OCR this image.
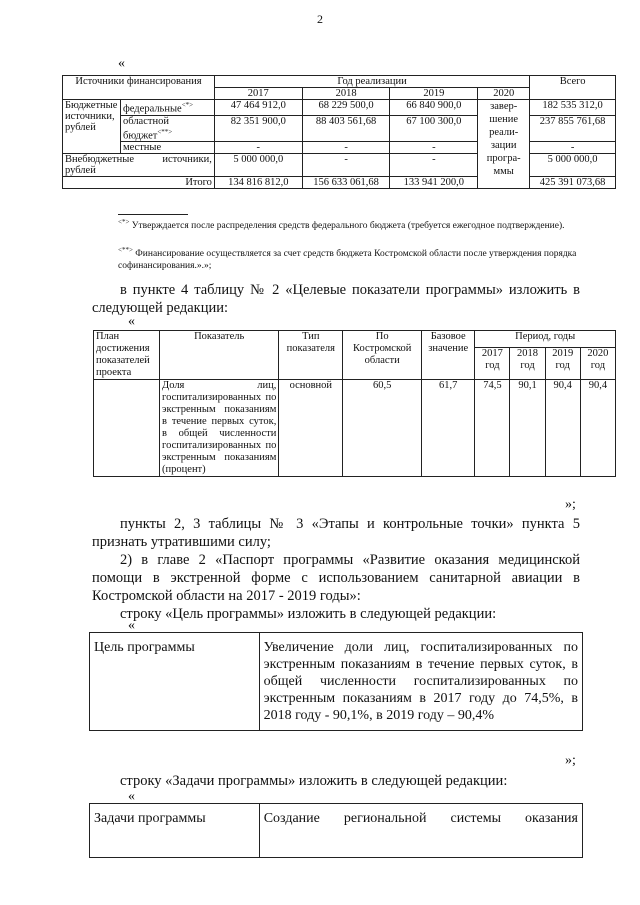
2
«
Источники финансирования		Год реализации				Всего
		2017	2018	2019	2020	
Бюджетные источники, рублей	федеральные<*>	47 464 912,0	68 229 500,0	66 840 900,0	завер-шение реали-зации програ-ммы	182 535 312,0
	областной бюджет<**>	82 351 900,0	88 403 561,68	67 100 300,0		237 855 761,68
	местные	-	-	-		-
Внебюджетные источники, рублей		5 000 000,0	-	-		5 000 000,0
Итого		134 816 812,0	156 633 061,68	133 941 200,0		425 391 073,68
<*> Утверждается после распределения средств федерального бюджета (требуется ежегодное подтверждение).
<**> Финансирование осуществляется за счет средств бюджета Костромской области после утверждения порядка софинансирования.».»;
в пункте 4 таблицу № 2 «Целевые показатели программы» изложить в следующей редакции:
«
План достижения показателей проекта	Показатель	Тип показателя	По Костромской области	Базовое значение	Период, годы			
					2017 год	2018 год	2019 год	2020 год
	Доля лиц, госпитализированных по экстренным показаниям в течение первых суток, в общей численности госпитализированных по экстренным показаниям (процент)	основной	60,5	61,7	74,5	90,1	90,4	90,4
»;
пункты 2, 3 таблицы № 3 «Этапы и контрольные точки» пункта 5 признать утратившими силу;
2) в главе 2 «Паспорт программы «Развитие оказания медицинской помощи в экстренной форме с использованием санитарной авиации в Костромской области на 2017 - 2019 годы»:
строку «Цель программы» изложить в следующей редакции:
«
Цель программы	Увеличение доли лиц, госпитализированных по экстренным показаниям в течение первых суток, в общей численности госпитализированных по экстренным показаниям в 2017 году до 74,5%, в 2018 году - 90,1%, в 2019 году – 90,4%
»;
строку «Задачи программы» изложить в следующей редакции:
«
Задачи программы	Создание региональной системы оказания
